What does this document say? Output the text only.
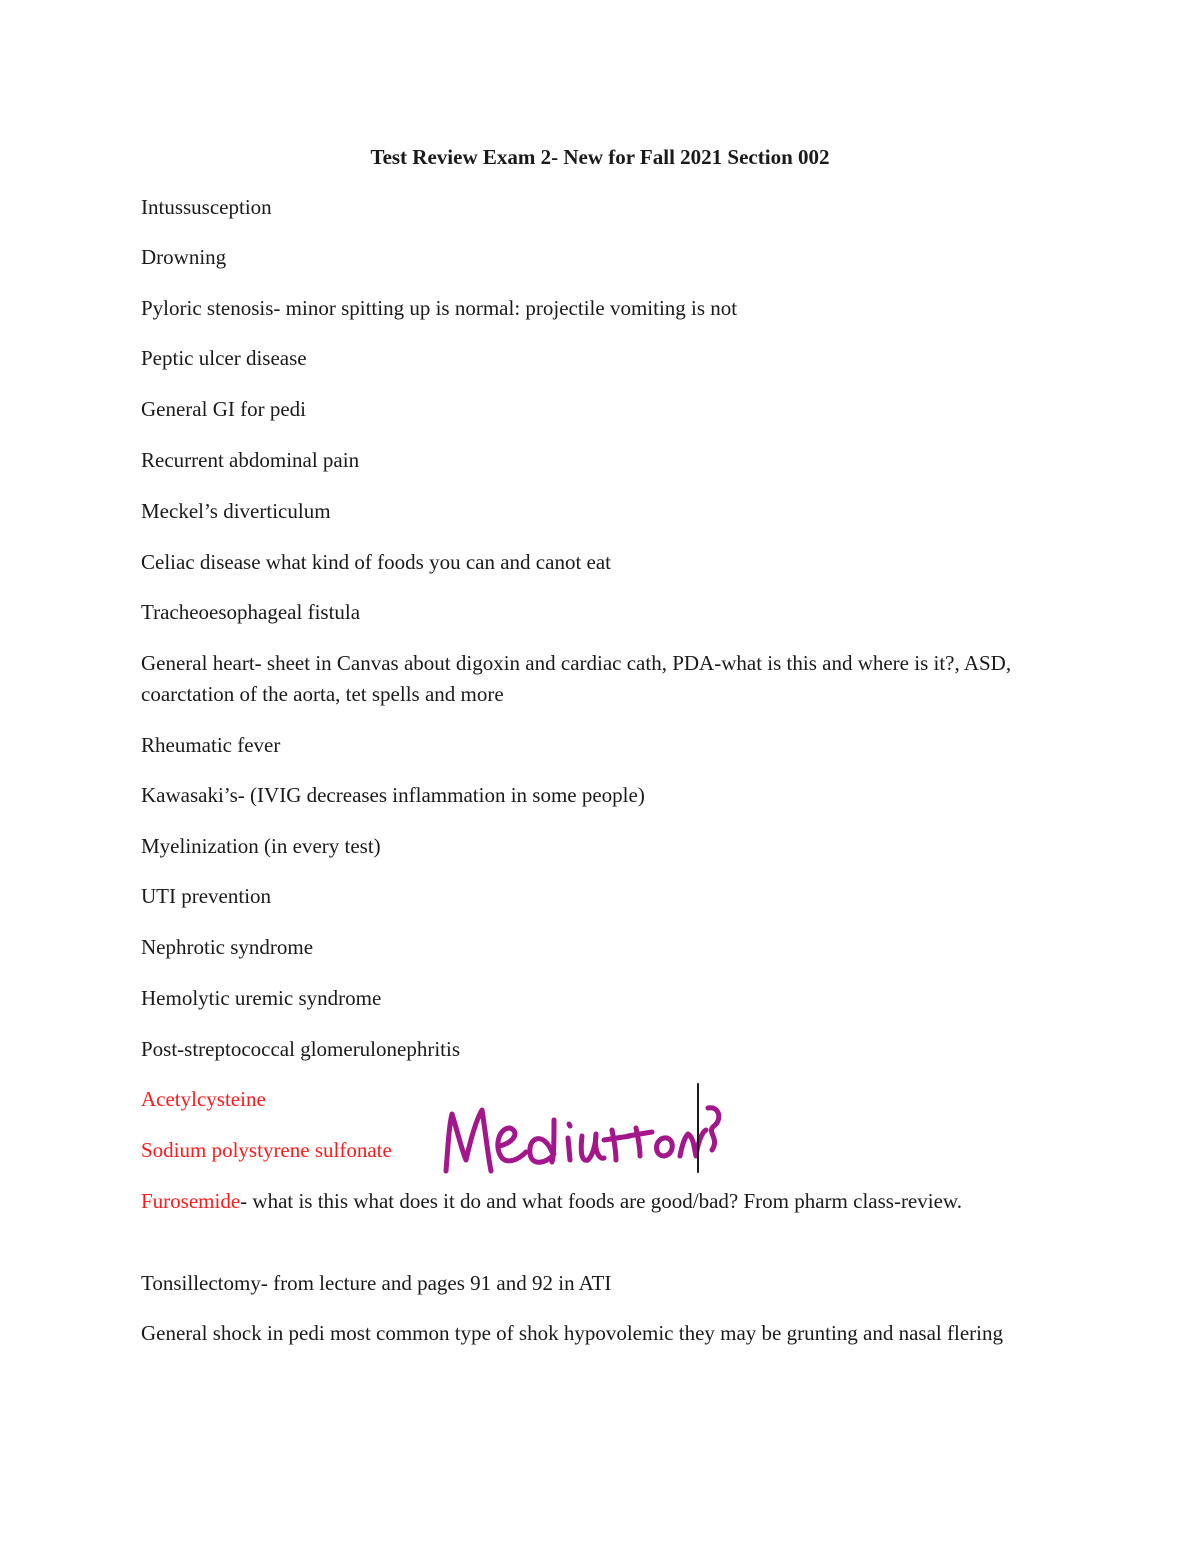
Test Review Exam 2- New for Fall 2021 Section 002
Intussusception
Drowning
Pyloric stenosis- minor spitting up is normal: projectile vomiting is not
Peptic ulcer disease
General GI for pedi
Recurrent abdominal pain
Meckel’s diverticulum
Celiac disease what kind of foods you can and canot eat
Tracheoesophageal fistula
General heart- sheet in Canvas about digoxin and cardiac cath, PDA-what is this and where is it?, ASD, coarctation of the aorta, tet spells and more
Rheumatic fever
Kawasaki’s- (IVIG decreases inflammation in some people)
Myelinization (in every test)
UTI prevention
Nephrotic syndrome
Hemolytic uremic syndrome
Post-streptococcal glomerulonephritis
Acetylcysteine
Sodium polystyrene sulfonate
Furosemide- what is this what does it do and what foods are good/bad? From pharm class-review.
Tonsillectomy- from lecture and pages 91 and 92 in ATI
General shock in pedi most common type of shok hypovolemic they may be grunting and nasal flering
